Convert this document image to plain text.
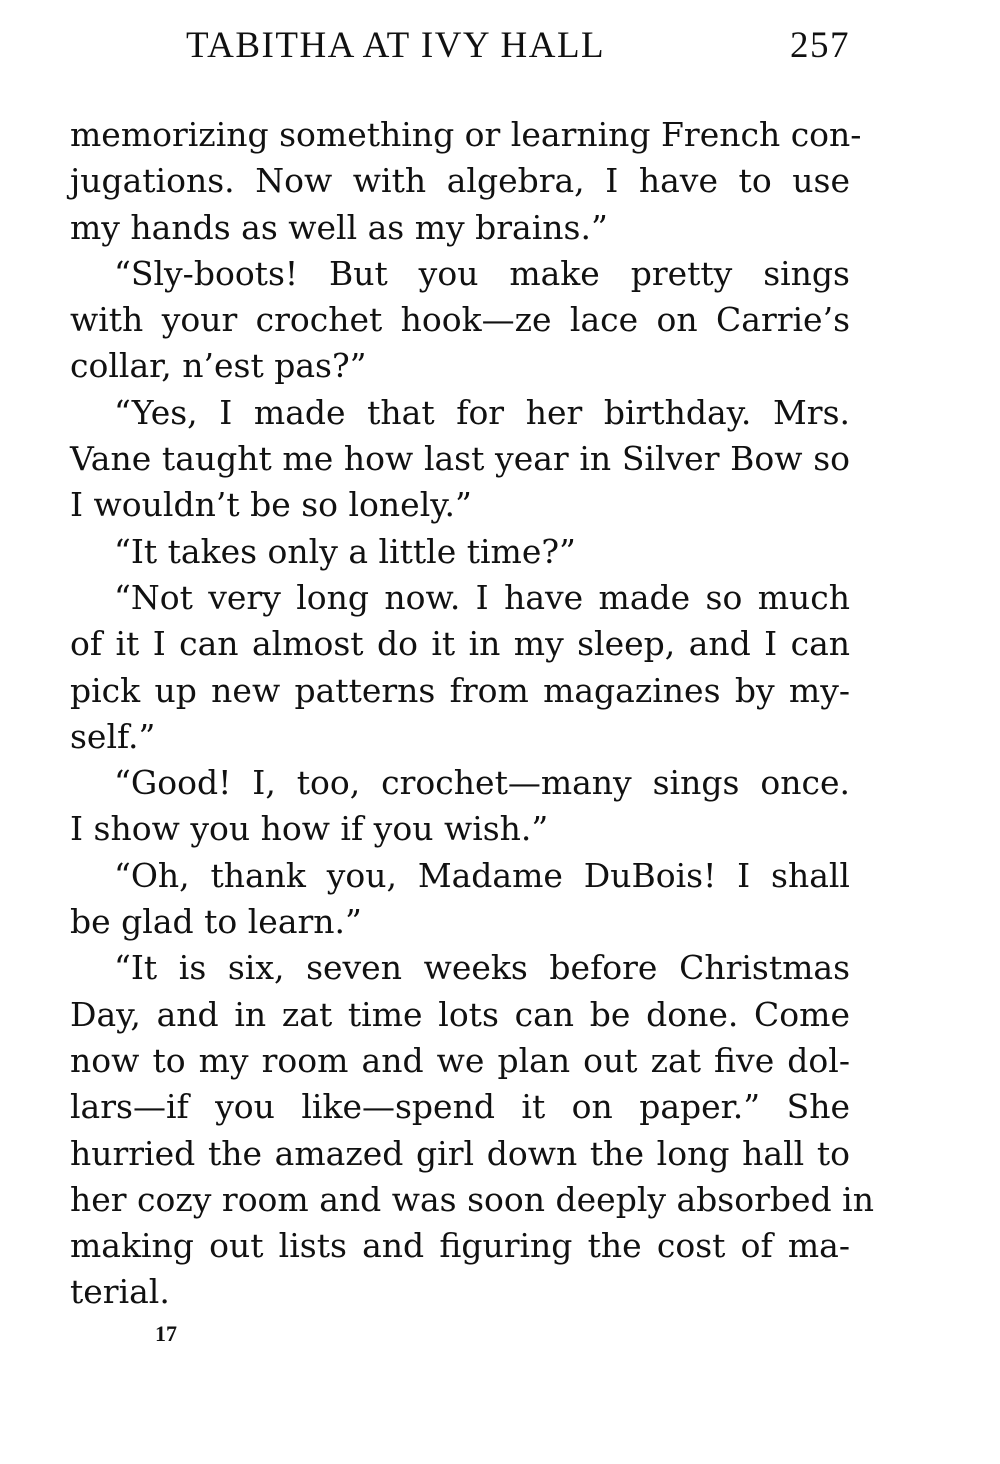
TABITHA AT IVY HALL	257
memorizing something or learning French con-
jugations. Now with algebra, I have to use
my hands as well as my brains.”
“Sly-boots! But you make pretty sings
with your crochet hook—ze lace on Carrie’s
collar, n’est pas?”
“Yes, I made that for her birthday. Mrs.
Vane taught me how last year in Silver Bow so
I wouldn’t be so lonely.”
“It takes only a little time?”
“Not very long now. I have made so much
of it I can almost do it in my sleep, and I can
pick up new patterns from magazines by my-
self.”
“Good! I, too, crochet—many sings once.
I show you how if you wish.”
“Oh, thank you, Madame DuBois! I shall
be glad to learn.”
“It is six, seven weeks before Christmas
Day, and in zat time lots can be done. Come
now to my room and we plan out zat five dol-
lars—if you like—spend it on paper.” She
hurried the amazed girl down the long hall to
her cozy room and was soon deeply absorbed in
making out lists and figuring the cost of ma-
terial.
17
